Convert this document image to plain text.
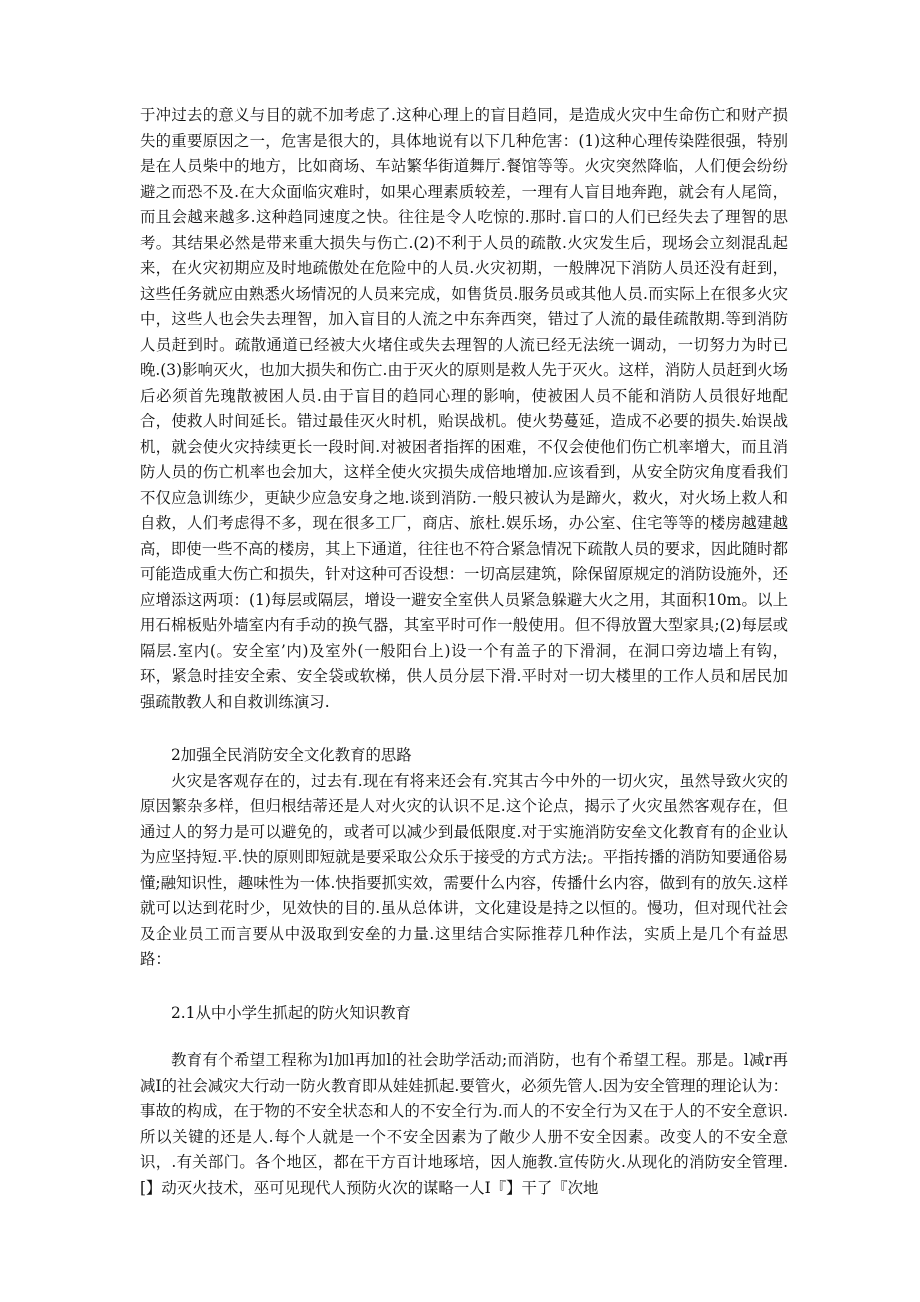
于冲过去的意义与目的就不加考虑了.这种心理上的盲目趋同，是造成火灾中生命伤亡和财产损失的重要原因之一，危害是很大的，具体地说有以下几种危害：(1)这种心理传染陛很强，特别是在人员柴中的地方，比如商场、车站繁华街道舞厅.餐馆等等。火灾突然降临，人们便会纷纷避之而恐不及.在大众面临灾难时，如果心理素质较差，一理有人盲目地奔跑，就会有人尾筒，而且会越来越多.这种趋同速度之快。往往是令人吃惊的.那时.盲口的人们已经失去了理智的思考。其结果必然是带来重大损失与伤亡.(2)不利于人员的疏散.火灾发生后，现场会立刻混乱起来，在火灾初期应及时地疏傲处在危险中的人员.火灾初期，一般牌况下消防人员还没有赶到，这些任务就应由熟悉火场情况的人员来完成，如售货员.服务员或其他人员.而实际上在很多火灾中，这些人也会失去理智，加入盲目的人流之中东奔西突，错过了人流的最佳疏散期.等到消防人员赶到时。疏散通道已经被大火堵住或失去理智的人流已经无法统一调动，一切努力为时已晚.(3)影响灭火，也加大损失和伤亡.由于灭火的原则是救人先于灭火。这样，消防人员赶到火场后必须首先瑰散被困人员.由于盲目的趋同心理的影响，使被困人员不能和消防人员很好地配合，使救人时间延长。错过最佳灭火时机，贻误战机。使火势蔓延，造成不必要的损失.始误战机，就会使火灾持续更长一段时间.对被困者指挥的困难，不仅会使他们伤亡机率增大，而且消防人员的伤亡机率也会加大，这样全使火灾损失成倍地增加.应该看到，从安全防灾角度看我们不仅应急训练少，更缺少应急安身之地.谈到消防.一般只被认为是蹄火，救火，对火场上救人和自救，人们考虑得不多，现在很多工厂，商店、旅杜.娱乐场，办公室、住宅等等的楼房越建越高，即使一些不高的楼房，其上下通道，往往也不符合紧急情况下疏散人员的要求，因此随时都可能造成重大伤亡和损失，针对这种可否设想：一切高层建筑，除保留原规定的消防设施外，还应增添这两项：(1)每层或隔层，增设一避安全室供人员紧急躲避大火之用，其面积10m。以上用石棉板贴外墙室内有手动的换气器，其室平时可作一般使用。但不得放置大型家具;(2)每层或隔层.室内(。安全室’内)及室外(一般阳台上)设一个有盖子的下滑洞，在洞口旁边墙上有钩，环，紧急时挂安全索、安全袋或软梯，供人员分层下滑.平时对一切大楼里的工作人员和居民加强疏散教人和自救训练演习.

2加强全民消防安全文化教育的思路

火灾是客观存在的，过去有.现在有将来还会有.究其古今中外的一切火灾，虽然导致火灾的原因繁杂多样，但归根结蒂还是人对火灾的认识不足.这个论点，揭示了火灾虽然客观存在，但通过人的努力是可以避免的，或者可以减少到最低限度.对于实施消防安垒文化教育有的企业认为应坚持短.平.快的原则即短就是要采取公众乐于接受的方式方法;。平指抟播的消防知要通俗易懂;融知识性，趣味性为一体.快指要抓实效，需要什么内容，传播什幺内容，做到有的放矢.这样就可以达到花时少，见效快的目的.虽从总体讲，文化建设是持之以恒的。慢功，但对现代社会及企业员工而言要从中汲取到安垒的力量.这里结合实际推荐几种作法，实质上是几个有益思路：

2.1从中小学生抓起的防火知识教育

教育有个希望工程称为l加l再加l的社会助学活动;而消防，也有个希望工程。那是。l减r再减I的社会减灾大行动一防火教育即从娃娃抓起.要管火，必须先管人.因为安全管理的理论认为：事故的构成，在于物的不安全状态和人的不安全行为.而人的不安全行为又在于人的不安全意识.所以关键的还是人.每个人就是一个不安全因素为了敞少人册不安全因素。改变人的不安全意识，.有关部门。各个地区，都在干方百计地琢培，因人施教.宣传防火.从现化的消防安全管理.[】动灭火技术，巫可见现代人预防火次的谋略一人I『】干了『次地
